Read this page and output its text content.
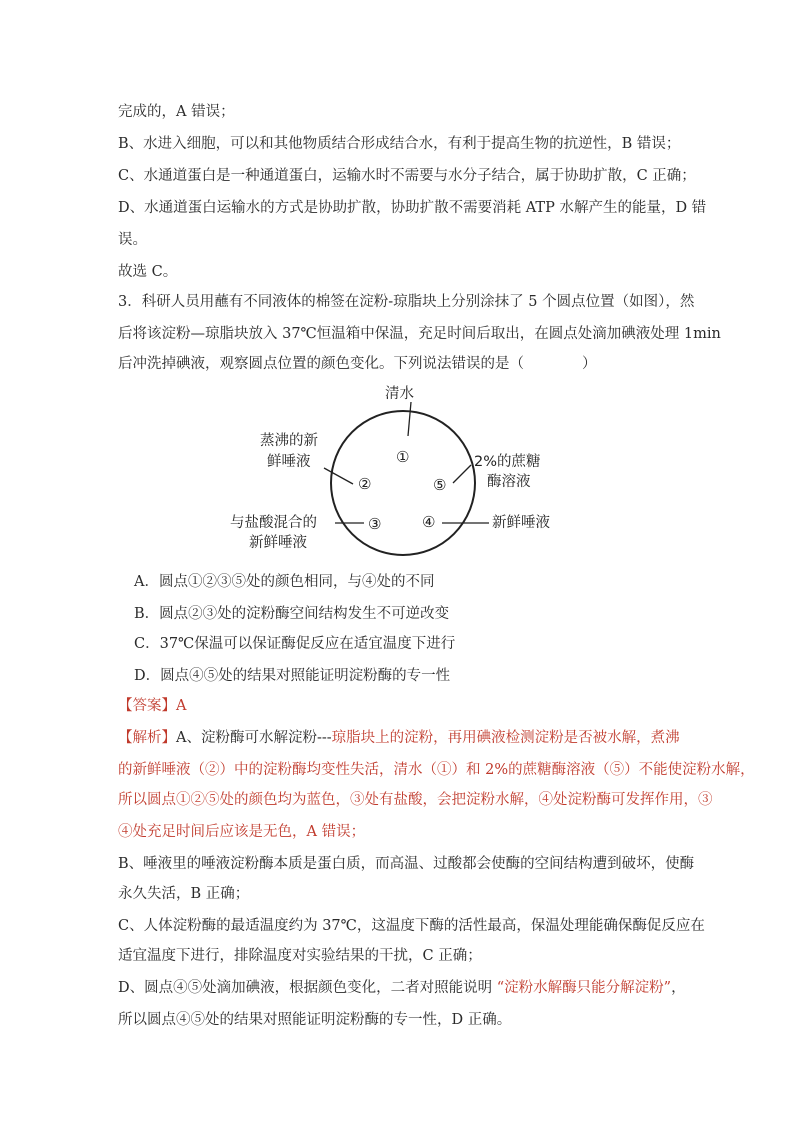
完成的，A 错误；
B、水进入细胞，可以和其他物质结合形成结合水，有利于提高生物的抗逆性，B 错误；
C、水通道蛋白是一种通道蛋白，运输水时不需要与水分子结合，属于协助扩散，C 正确；
D、水通道蛋白运输水的方式是协助扩散，协助扩散不需要消耗 ATP 水解产生的能量，D 错
误。
故选 C。
3．科研人员用蘸有不同液体的棉签在淀粉-琼脂块上分别涂抹了 5 个圆点位置（如图），然
后将该淀粉—琼脂块放入 37℃恒温箱中保温，充足时间后取出，在圆点处滴加碘液处理 1min
后冲洗掉碘液，观察圆点位置的颜色变化。下列说法错误的是（　　　　）
清水
蒸沸的新
鲜唾液	2%的蔗糖
酶溶液
与盐酸混合的
新鲜唾液
新鲜唾液
①
②
③	④
⑤
A．圆点①②③⑤处的颜色相同，与④处的不同
B．圆点②③处的淀粉酶空间结构发生不可逆改变
C．37℃保温可以保证酶促反应在适宜温度下进行
D．圆点④⑤处的结果对照能证明淀粉酶的专一性
【答案】A
【解析】A、淀粉酶可水解淀粉---琼脂块上的淀粉，再用碘液检测淀粉是否被水解，煮沸
的新鲜唾液（②）中的淀粉酶均变性失活，清水（①）和 2%的蔗糖酶溶液（⑤）不能使淀粉水解，
所以圆点①②⑤处的颜色均为蓝色，③处有盐酸，会把淀粉水解，④处淀粉酶可发挥作用，③
④处充足时间后应该是无色，A 错误；
B、唾液里的唾液淀粉酶本质是蛋白质，而高温、过酸都会使酶的空间结构遭到破坏，使酶
永久失活，B 正确；
C、人体淀粉酶的最适温度约为 37℃，这温度下酶的活性最高，保温处理能确保酶促反应在
适宜温度下进行，排除温度对实验结果的干扰，C 正确；
D、圆点④⑤处滴加碘液，根据颜色变化，二者对照能说明 “淀粉水解酶只能分解淀粉”，
所以圆点④⑤处的结果对照能证明淀粉酶的专一性，D 正确。
